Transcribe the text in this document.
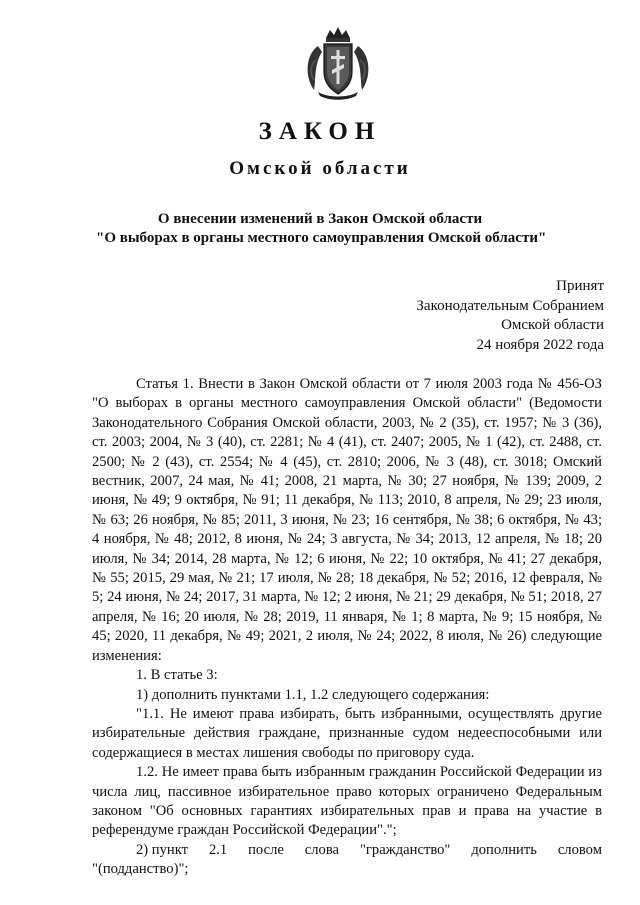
ЗАКОН
Омской области
О внесении изменений в Закон Омской области
"О выборах в органы местного самоуправления Омской области"
Принят
Законодательным Собранием
Омской области
24 ноября 2022 года

Статья 1. Внести в Закон Омской области от 7 июля 2003 года № 456-ОЗ "О выборах в органы местного самоуправления Омской области" (Ведомости Законодательного Собрания Омской области, 2003, № 2 (35), ст. 1957; № 3 (36), ст. 2003; 2004, № 3 (40), ст. 2281; № 4 (41), ст. 2407; 2005, № 1 (42), ст. 2488, ст. 2500; № 2 (43), ст. 2554; № 4 (45), ст. 2810; 2006, № 3 (48), ст. 3018; Омский вестник, 2007, 24 мая, № 41; 2008, 21 марта, № 30; 27 ноября, № 139; 2009, 2 июня, № 49; 9 октября, № 91; 11 декабря, № 113; 2010, 8 апреля, № 29; 23 июля, № 63; 26 ноября, № 85; 2011, 3 июня, № 23; 16 сентября, № 38; 6 октября, № 43; 4 ноября, № 48; 2012, 8 июня, № 24; 3 августа, № 34; 2013, 12 апреля, № 18; 20 июля, № 34; 2014, 28 марта, № 12; 6 июня, № 22; 10 октября, № 41; 27 декабря, № 55; 2015, 29 мая, № 21; 17 июля, № 28; 18 декабря, № 52; 2016, 12 февраля, № 5; 24 июня, № 24; 2017, 31 марта, № 12; 2 июня, № 21; 29 декабря, № 51; 2018, 27 апреля, № 16; 20 июля, № 28; 2019, 11 января, № 1; 8 марта, № 9; 15 ноября, № 45; 2020, 11 декабря, № 49; 2021, 2 июля, № 24; 2022, 8 июля, № 26) следующие изменения:

1. В статье 3:

1) дополнить пунктами 1.1, 1.2 следующего содержания:

"1.1. Не имеют права избирать, быть избранными, осуществлять другие избирательные действия граждане, признанные судом недееспособными или содержащиеся в местах лишения свободы по приговору суда.

1.2. Не имеет права быть избранным гражданин Российской Федерации из числа лиц, пассивное избирательное право которых ограничено Федеральным законом "Об основных гарантиях избирательных прав и права на участие в референдуме граждан Российской Федерации".";

2) пункт 2.1 после слова "гражданство" дополнить словом

"(подданство)";
